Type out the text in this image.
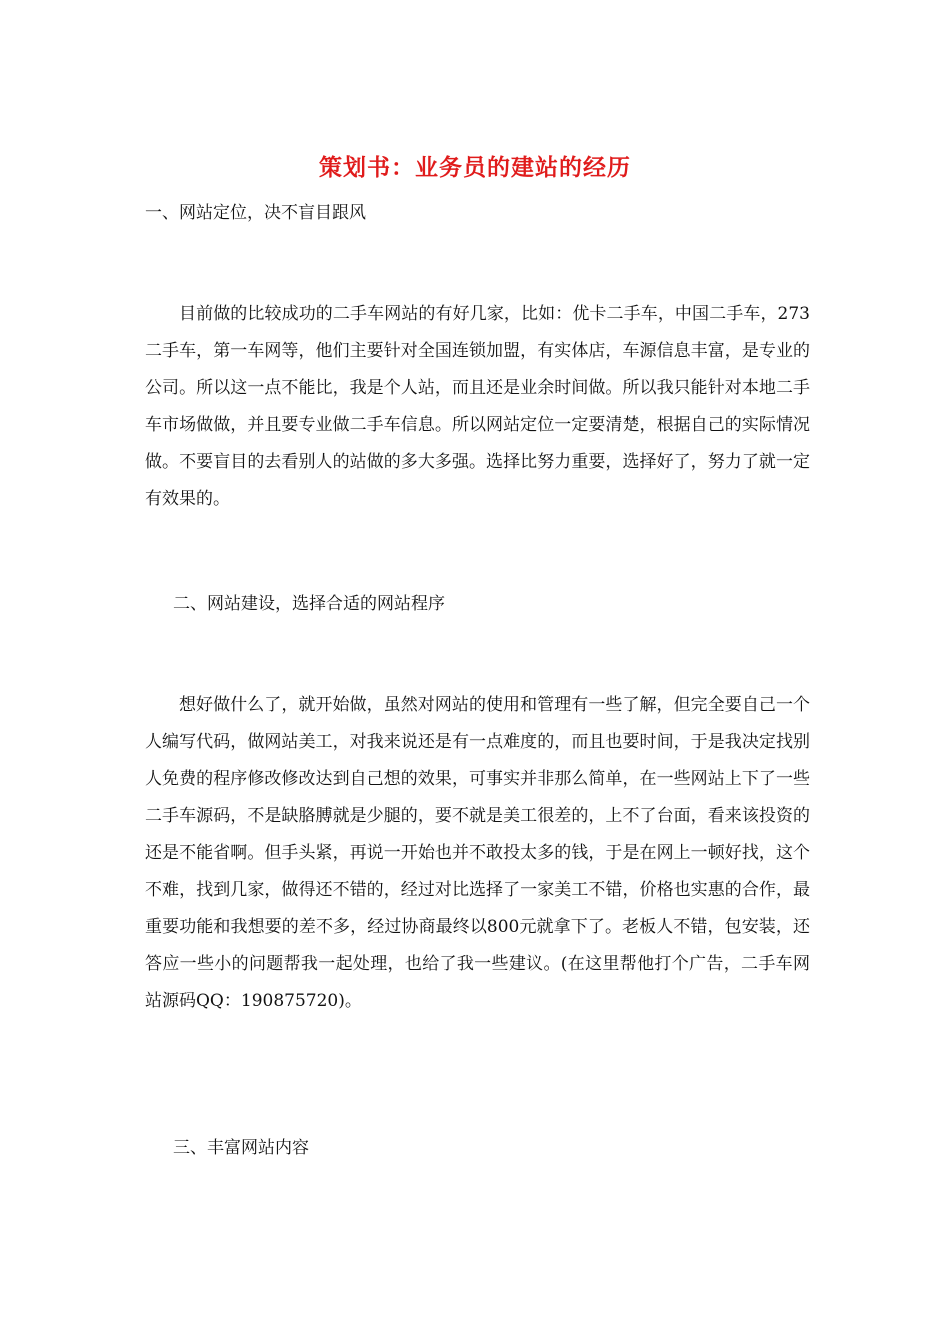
策划书：业务员的建站的经历
一、网站定位，决不盲目跟风

目前做的比较成功的二手车网站的有好几家，比如：优卡二手车，中国二手车，273二手车，第一车网等，他们主要针对全国连锁加盟，有实体店，车源信息丰富，是专业的公司。所以这一点不能比，我是个人站，而且还是业余时间做。所以我只能针对本地二手车市场做做，并且要专业做二手车信息。所以网站定位一定要清楚，根据自己的实际情况做。不要盲目的去看别人的站做的多大多强。选择比努力重要，选择好了，努力了就一定有效果的。

二、网站建设，选择合适的网站程序

想好做什么了，就开始做，虽然对网站的使用和管理有一些了解，但完全要自己一个人编写代码，做网站美工，对我来说还是有一点难度的，而且也要时间，于是我决定找别人免费的程序修改修改达到自己想的效果，可事实并非那么简单，在一些网站上下了一些二手车源码，不是缺胳膊就是少腿的，要不就是美工很差的，上不了台面，看来该投资的还是不能省啊。但手头紧，再说一开始也并不敢投太多的钱，于是在网上一顿好找，这个不难，找到几家，做得还不错的，经过对比选择了一家美工不错，价格也实惠的合作，最重要功能和我想要的差不多，经过协商最终以800元就拿下了。老板人不错，包安装，还答应一些小的问题帮我一起处理，也给了我一些建议。(在这里帮他打个广告，二手车网站源码QQ：190875720)。

三、丰富网站内容
